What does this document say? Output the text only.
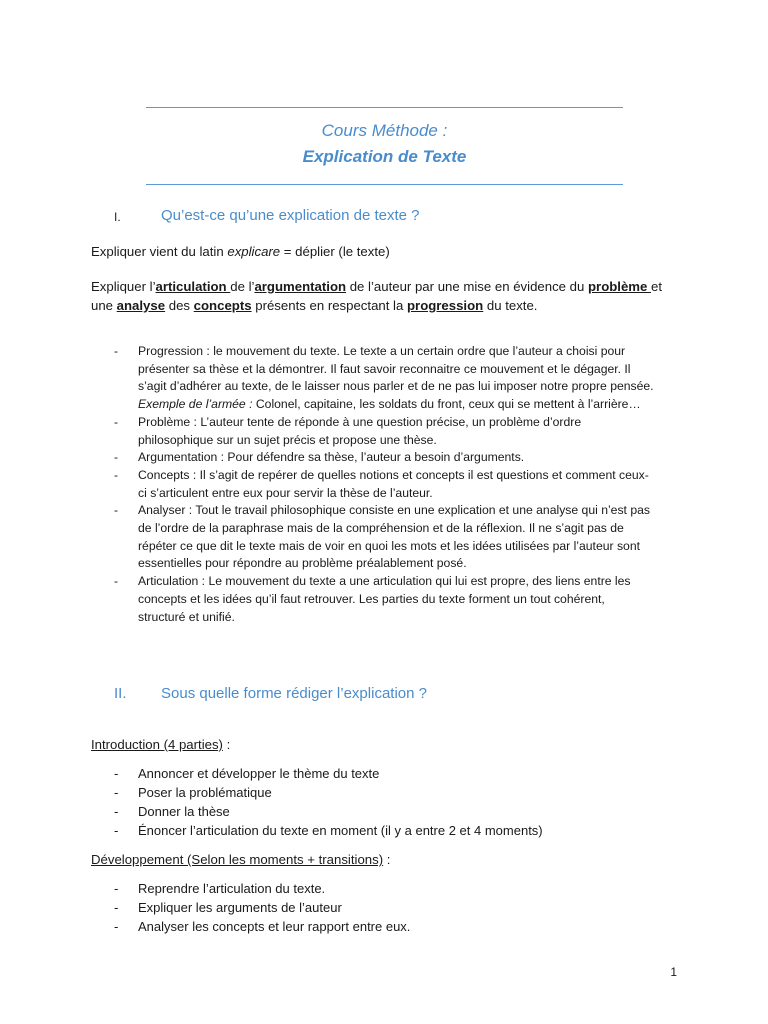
Cours Méthode :
Explication de Texte
I.	Qu’est-ce qu’une explication de texte ?
Expliquer vient du latin explicare = déplier (le texte)
Expliquer l’articulation de l’argumentation de l’auteur par une mise en évidence du problème et une analyse des concepts présents en respectant la progression du texte.
- Progression : le mouvement du texte. Le texte a un certain ordre que l’auteur a choisi pour présenter sa thèse et la démontrer. Il faut savoir reconnaitre ce mouvement et le dégager. Il s’agit d’adhérer au texte, de le laisser nous parler et de ne pas lui imposer notre propre pensée. Exemple de l’armée : Colonel, capitaine, les soldats du front, ceux qui se mettent à l’arrière…
- Problème : L’auteur tente de réponde à une question précise, un problème d’ordre philosophique sur un sujet précis et propose une thèse.
- Argumentation : Pour défendre sa thèse, l’auteur a besoin d’arguments.
- Concepts : Il s’agit de repérer de quelles notions et concepts il est questions et comment ceux-ci s’articulent entre eux pour servir la thèse de l’auteur.
- Analyser : Tout le travail philosophique consiste en une explication et une analyse qui n’est pas de l’ordre de la paraphrase mais de la compréhension et de la réflexion. Il ne s’agit pas de répéter ce que dit le texte mais de voir en quoi les mots et les idées utilisées par l’auteur sont essentielles pour répondre au problème préalablement posé.
- Articulation : Le mouvement du texte a une articulation qui lui est propre, des liens entre les concepts et les idées qu’il faut retrouver. Les parties du texte forment un tout cohérent, structuré et unifié.
II. Sous quelle forme rédiger l’explication ?
Introduction (4 parties) :
- Annoncer et développer le thème du texte
- Poser la problématique
- Donner la thèse
- Énoncer l’articulation du texte en moment (il y a entre 2 et 4 moments)
Développement (Selon les moments + transitions) :
- Reprendre l’articulation du texte.
- Expliquer les arguments de l’auteur
- Analyser les concepts et leur rapport entre eux.
1
